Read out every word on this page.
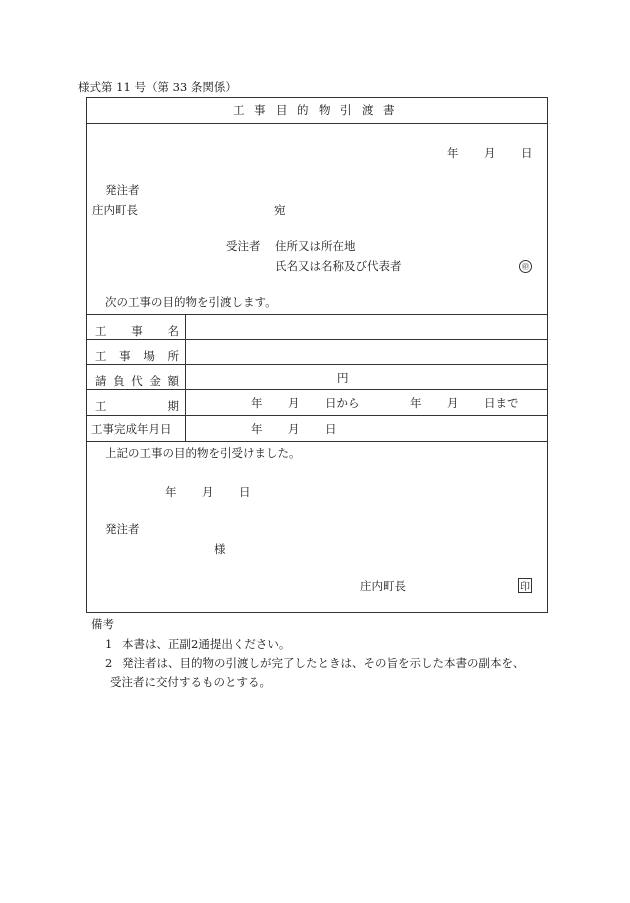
様式第 11 号（第 33 条関係）
工 事 目 的 物 引 渡 書
年 月 日
発注者
庄内町長	宛
受注者 住所又は所在地
氏名又は名称及び代表者	㊞
次の工事の目的物を引渡します。
工 事 名
工 事 場 所
請 負 代 金 額	円
工	期	年 月 日から	年 月 日まで
工事完成年月日	年 月 日
上記の工事の目的物を引受けました。
年 月 日
発注者
様
庄内町長	印
備考
1 本書は、正副2通提出ください。
2 発注者は、目的物の引渡しが完了したときは、その旨を示した本書の副本を、
受注者に交付するものとする。
